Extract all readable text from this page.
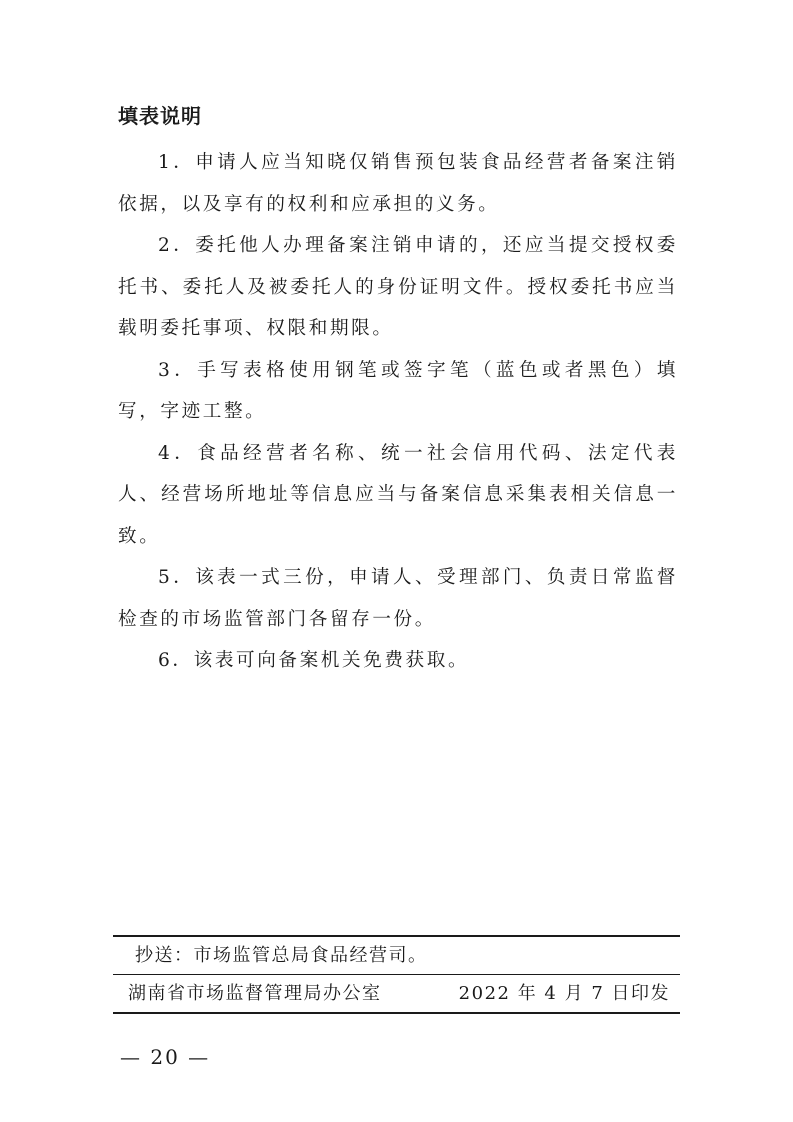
填表说明

1．申请人应当知晓仅销售预包装食品经营者备案注销依据，以及享有的权利和应承担的义务。

2．委托他人办理备案注销申请的，还应当提交授权委托书、委托人及被委托人的身份证明文件。授权委托书应当载明委托事项、权限和期限。

3．手写表格使用钢笔或签字笔（蓝色或者黑色）填写，字迹工整。

4．食品经营者名称、统一社会信用代码、法定代表人、经营场所地址等信息应当与备案信息采集表相关信息一致。

5．该表一式三份，申请人、受理部门、负责日常监督检查的市场监管部门各留存一份。

6．该表可向备案机关免费获取。

抄送：市场监管总局食品经营司。
湖南省市场监督管理局办公室	2022 年 4 月 7 日印发
— 20 —
